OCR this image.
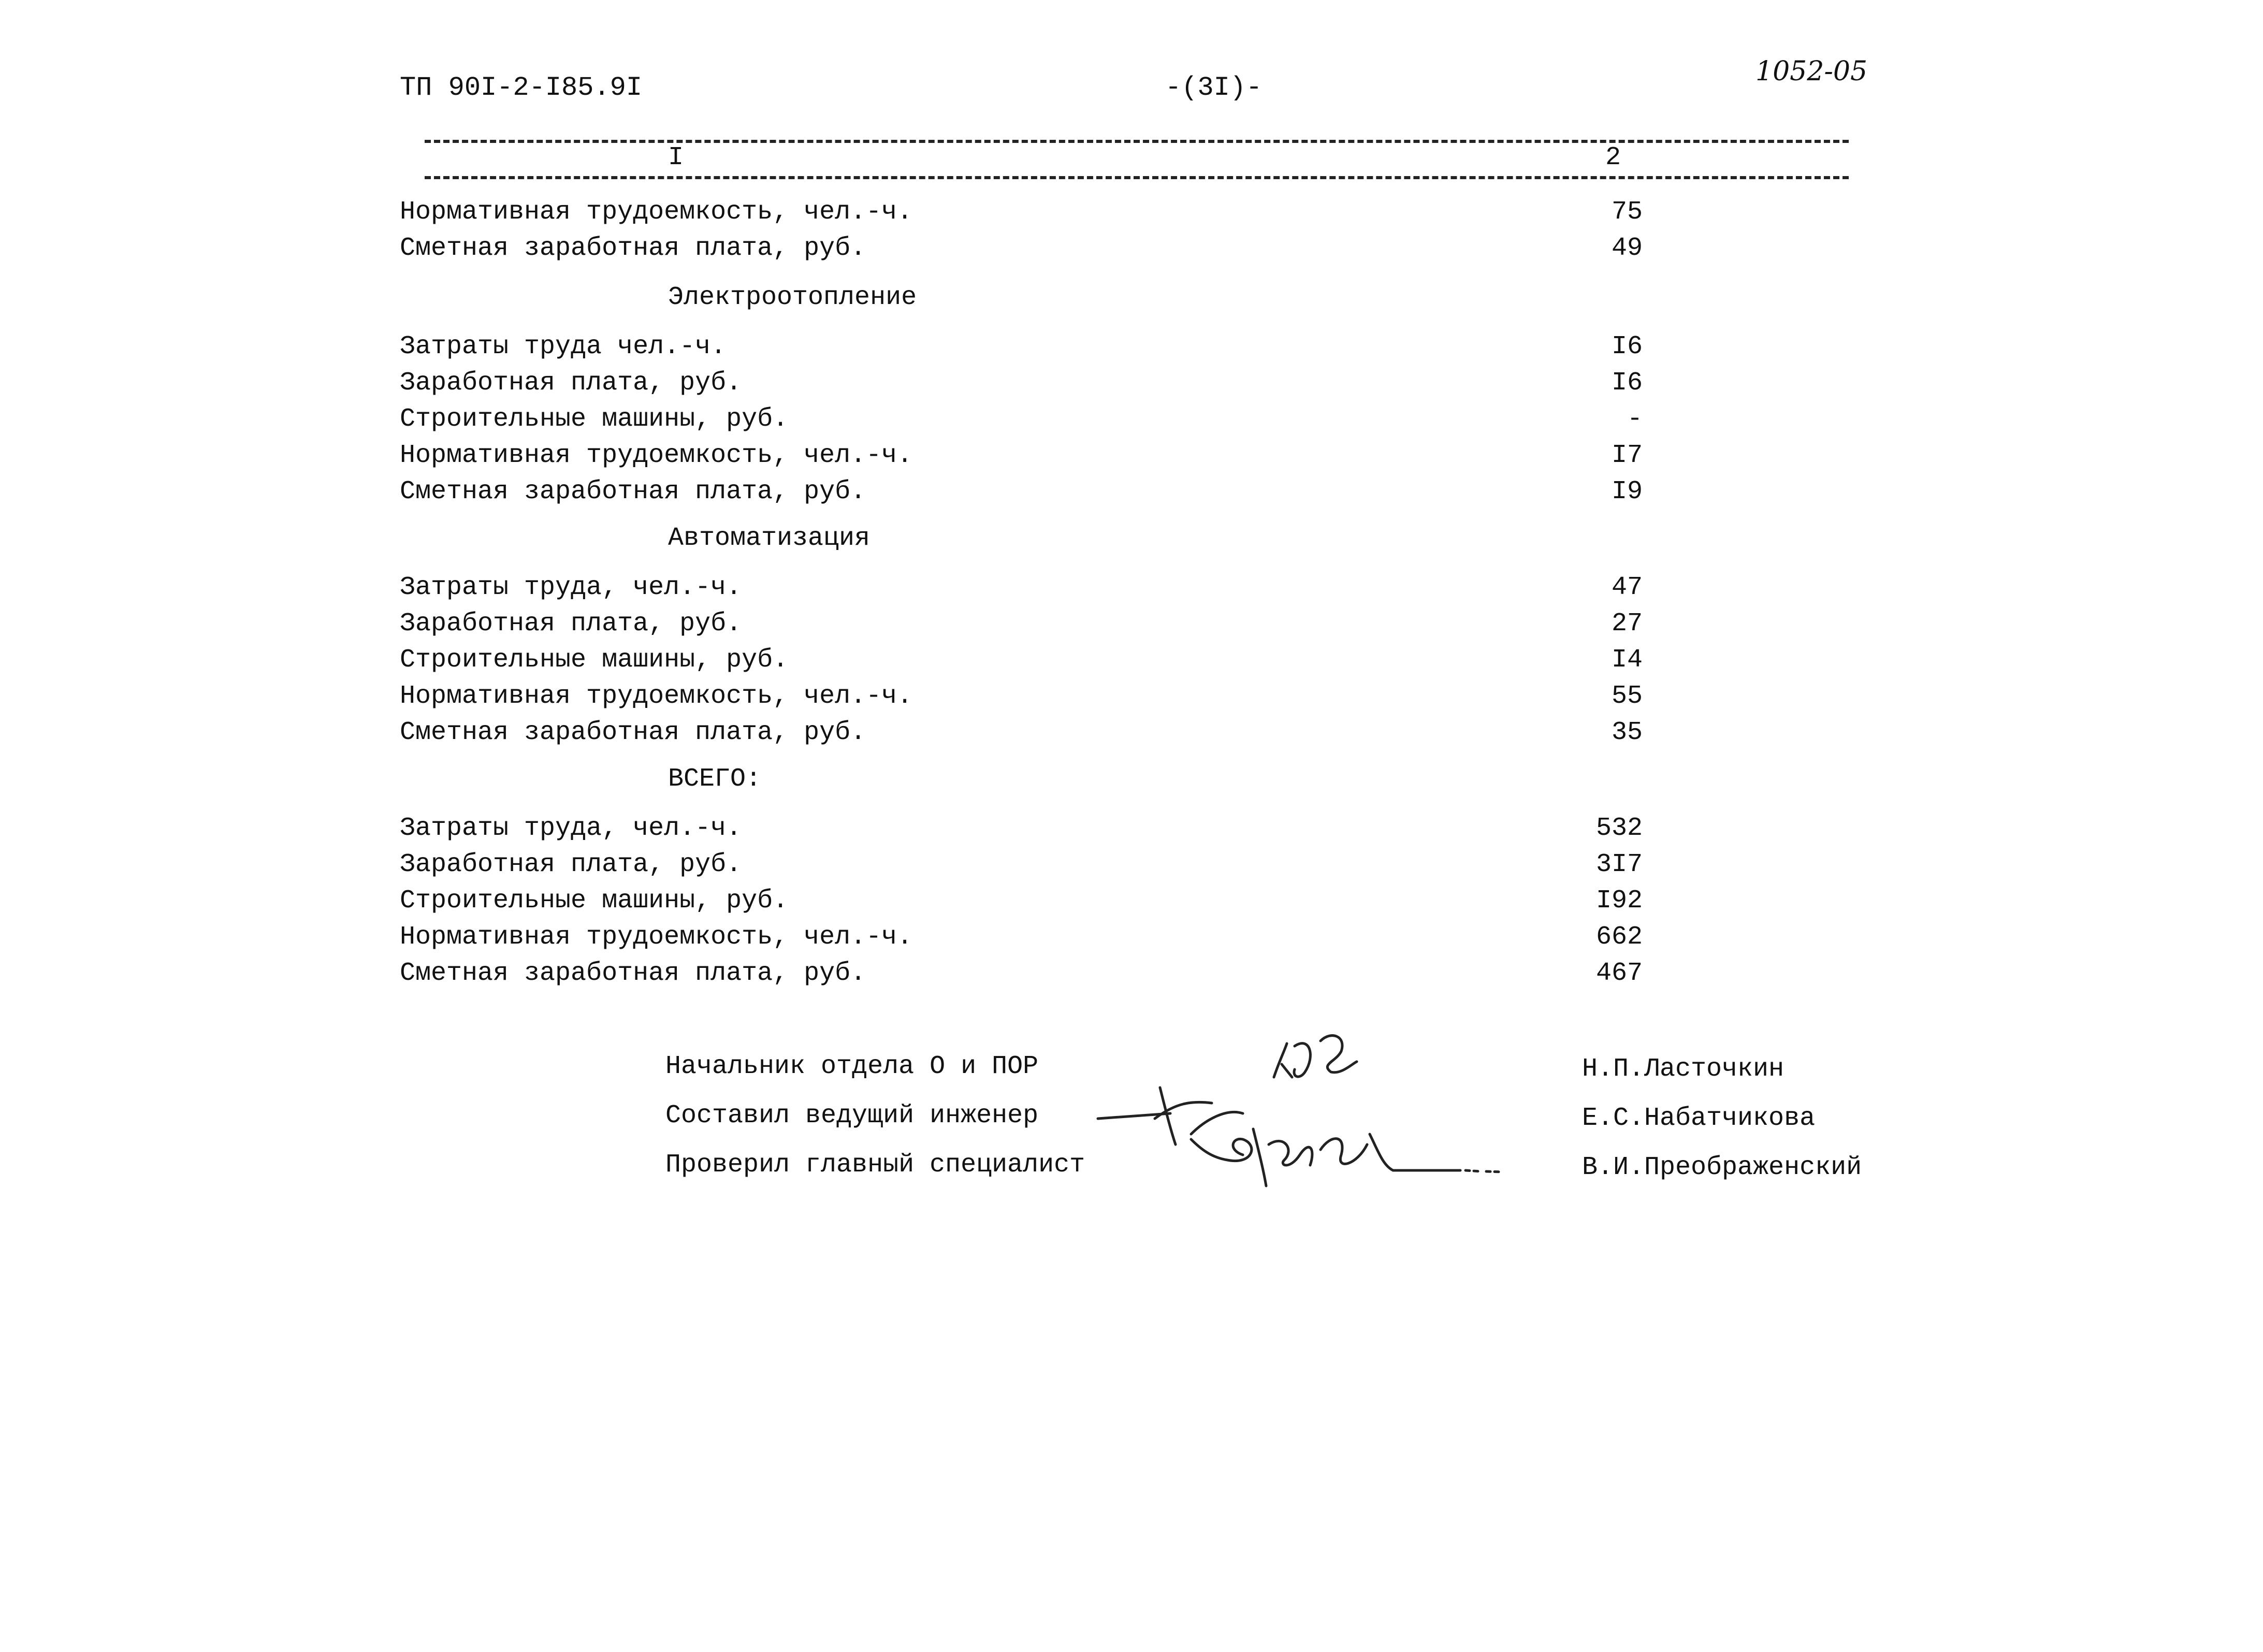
ТП 90I-2-I85.9I	-(3I)-
1052-05
I	2
Нормативная трудоемкость, чел.-ч.	75
Сметная заработная плата, руб.	49
Электроотопление
Затраты труда чел.-ч.	I6
Заработная плата, руб.	I6
Строительные машины, руб.	-
Нормативная трудоемкость, чел.-ч.	I7
Сметная заработная плата, руб.	I9
Автоматизация
Затраты труда, чел.-ч.	47
Заработная плата, руб.	27
Строительные машины, руб.	I4
Нормативная трудоемкость, чел.-ч.	55
Сметная заработная плата, руб.	35
ВСЕГО:
Затраты труда, чел.-ч.	532
Заработная плата, руб.	3I7
Строительные машины, руб.	I92
Нормативная трудоемкость, чел.-ч.	662
Сметная заработная плата, руб.	467
Начальник отдела О и ПОР	Н.П.Ласточкин
Составил ведущий инженер	Е.С.Набатчикова
Проверил главный специалист	В.И.Преображенский
